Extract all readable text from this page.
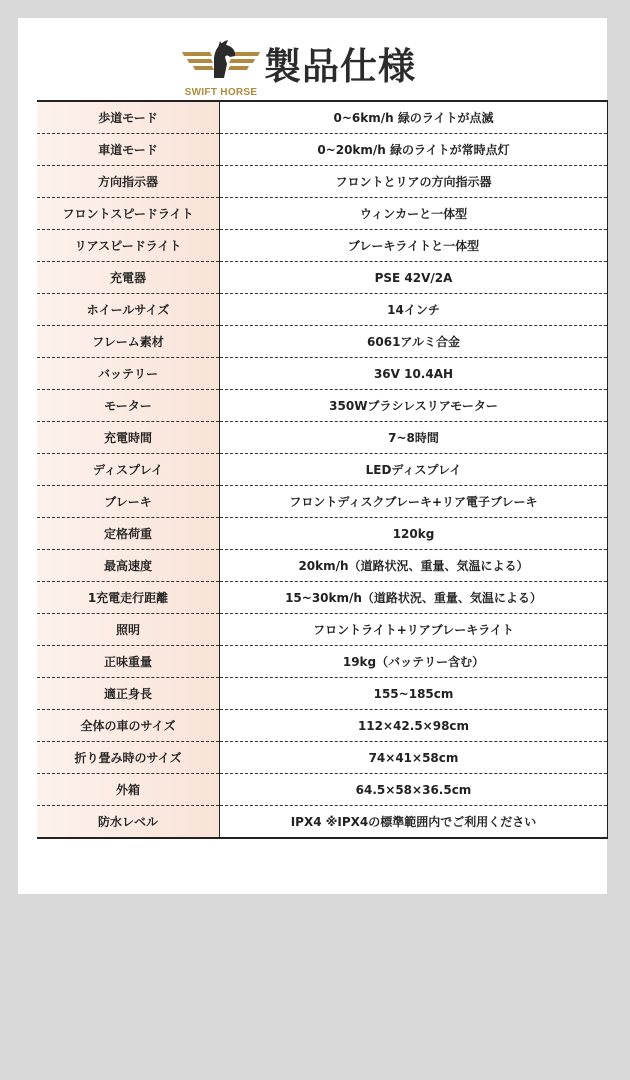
SWIFT HORSE
製品仕様
歩道モード	0~6km/h 緑のライトが点滅
車道モード	0~20km/h 緑のライトが常時点灯
方向指示器	フロントとリアの方向指示器
フロントスピードライト	ウィンカーと一体型
リアスピードライト	ブレーキライトと一体型
充電器	PSE 42V/2A
ホイールサイズ	14インチ
フレーム素材	6061アルミ合金
バッテリー	36V 10.4AH
モーター	350Wブラシレスリアモーター
充電時間	7~8時間
ディスプレイ	LEDディスプレイ
ブレーキ	フロントディスクブレーキ+リア電子ブレーキ
定格荷重	120kg
最高速度	20km/h（道路状況、重量、気温による）
1充電走行距離	15~30km/h（道路状況、重量、気温による）
照明	フロントライト+リアブレーキライト
正味重量	19kg（バッテリー含む）
適正身長	155~185cm
全体の車のサイズ	112×42.5×98cm
折り畳み時のサイズ	74×41×58cm
外箱	64.5×58×36.5cm
防水レベル	IPX4 ※IPX4の標準範囲内でご利用ください
